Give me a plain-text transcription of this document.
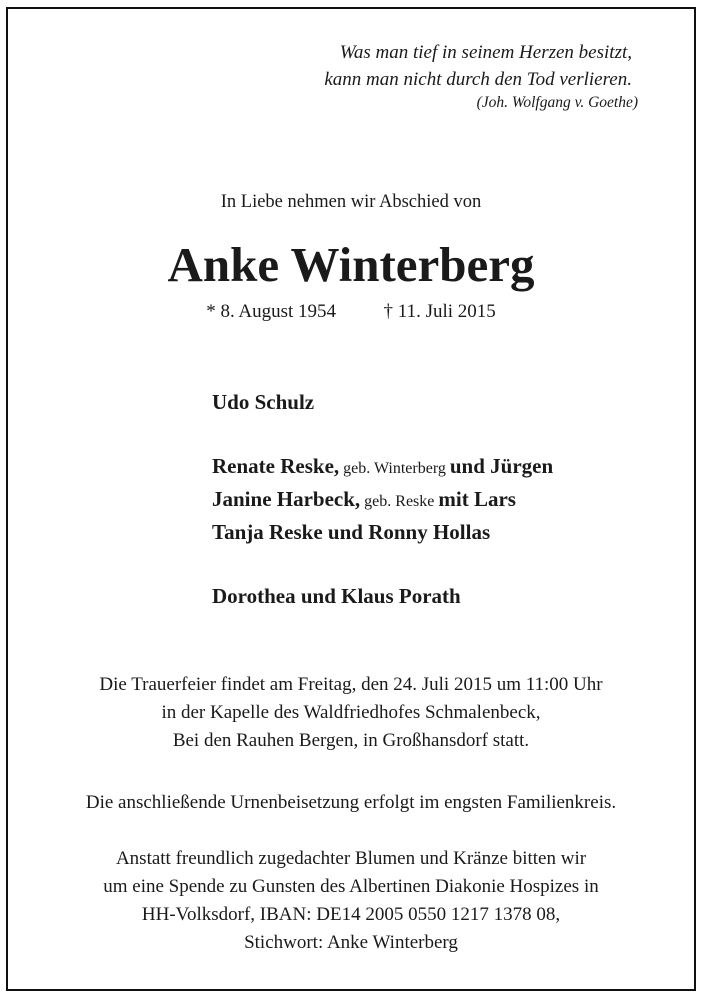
Was man tief in seinem Herzen besitzt,
kann man nicht durch den Tod verlieren.
(Joh. Wolfgang v. Goethe)
In Liebe nehmen wir Abschied von
Anke Winterberg
* 8. August 1954	† 11. Juli 2015
Udo Schulz
Renate Reske, geb. Winterberg und Jürgen
Janine Harbeck, geb. Reske mit Lars
Tanja Reske und Ronny Hollas
Dorothea und Klaus Porath
Die Trauerfeier findet am Freitag, den 24. Juli 2015 um 11:00 Uhr
in der Kapelle des Waldfriedhofes Schmalenbeck,
Bei den Rauhen Bergen, in Großhansdorf statt.
Die anschließende Urnenbeisetzung erfolgt im engsten Familienkreis.
Anstatt freundlich zugedachter Blumen und Kränze bitten wir
um eine Spende zu Gunsten des Albertinen Diakonie Hospizes in
HH-Volksdorf, IBAN: DE14 2005 0550 1217 1378 08,
Stichwort: Anke Winterberg
